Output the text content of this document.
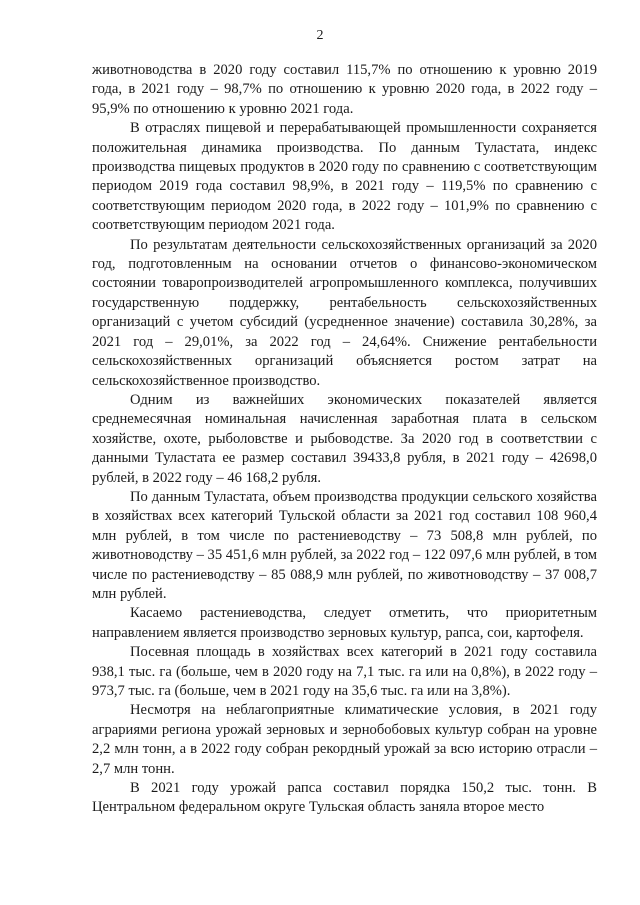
2

животноводства в 2020 году составил 115,7% по отношению к уровню 2019 года, в 2021 году – 98,7% по отношению к уровню 2020 года, в 2022 году – 95,9% по отношению к уровню 2021 года.

В отраслях пищевой и перерабатывающей промышленности сохраняется положительная динамика производства. По данным Туластата, индекс производства пищевых продуктов в 2020 году по сравнению с соответствующим периодом 2019 года составил 98,9%, в 2021 году – 119,5% по сравнению с соответствующим периодом 2020 года, в 2022 году – 101,9% по сравнению с соответствующим периодом 2021 года.

По результатам деятельности сельскохозяйственных организаций за 2020 год, подготовленным на основании отчетов о финансово-экономическом состоянии товаропроизводителей агропромышленного комплекса, получивших государственную поддержку, рентабельность сельскохозяйственных организаций с учетом субсидий (усредненное значение) составила 30,28%, за 2021 год – 29,01%, за 2022 год – 24,64%. Снижение рентабельности сельскохозяйственных организаций объясняется ростом затрат на сельскохозяйственное производство.

Одним из важнейших экономических показателей является среднемесячная номинальная начисленная заработная плата в сельском хозяйстве, охоте, рыболовстве и рыбоводстве. За 2020 год в соответствии с данными Туластата ее размер составил 39433,8 рубля, в 2021 году – 42698,0 рублей, в 2022 году – 46 168,2 рубля.

По данным Туластата, объем производства продукции сельского хозяйства в хозяйствах всех категорий Тульской области за 2021 год составил 108 960,4 млн рублей, в том числе по растениеводству – 73 508,8 млн рублей, по животноводству – 35 451,6 млн рублей, за 2022 год – 122 097,6 млн рублей, в том числе по растениеводству – 85 088,9 млн рублей, по животноводству – 37 008,7 млн рублей.

Касаемо растениеводства, следует отметить, что приоритетным направлением является производство зерновых культур, рапса, сои, картофеля.

Посевная площадь в хозяйствах всех категорий в 2021 году составила 938,1 тыс. га (больше, чем в 2020 году на 7,1 тыс. га или на 0,8%), в 2022 году – 973,7 тыс. га (больше, чем в 2021 году на 35,6 тыс. га или на 3,8%).

Несмотря на неблагоприятные климатические условия, в 2021 году аграриями региона урожай зерновых и зернобобовых культур собран на уровне 2,2 млн тонн, а в 2022 году собран рекордный урожай за всю историю отрасли – 2,7 млн тонн.

В 2021 году урожай рапса составил порядка 150,2 тыс. тонн. В Центральном федеральном округе Тульская область заняла второе место
